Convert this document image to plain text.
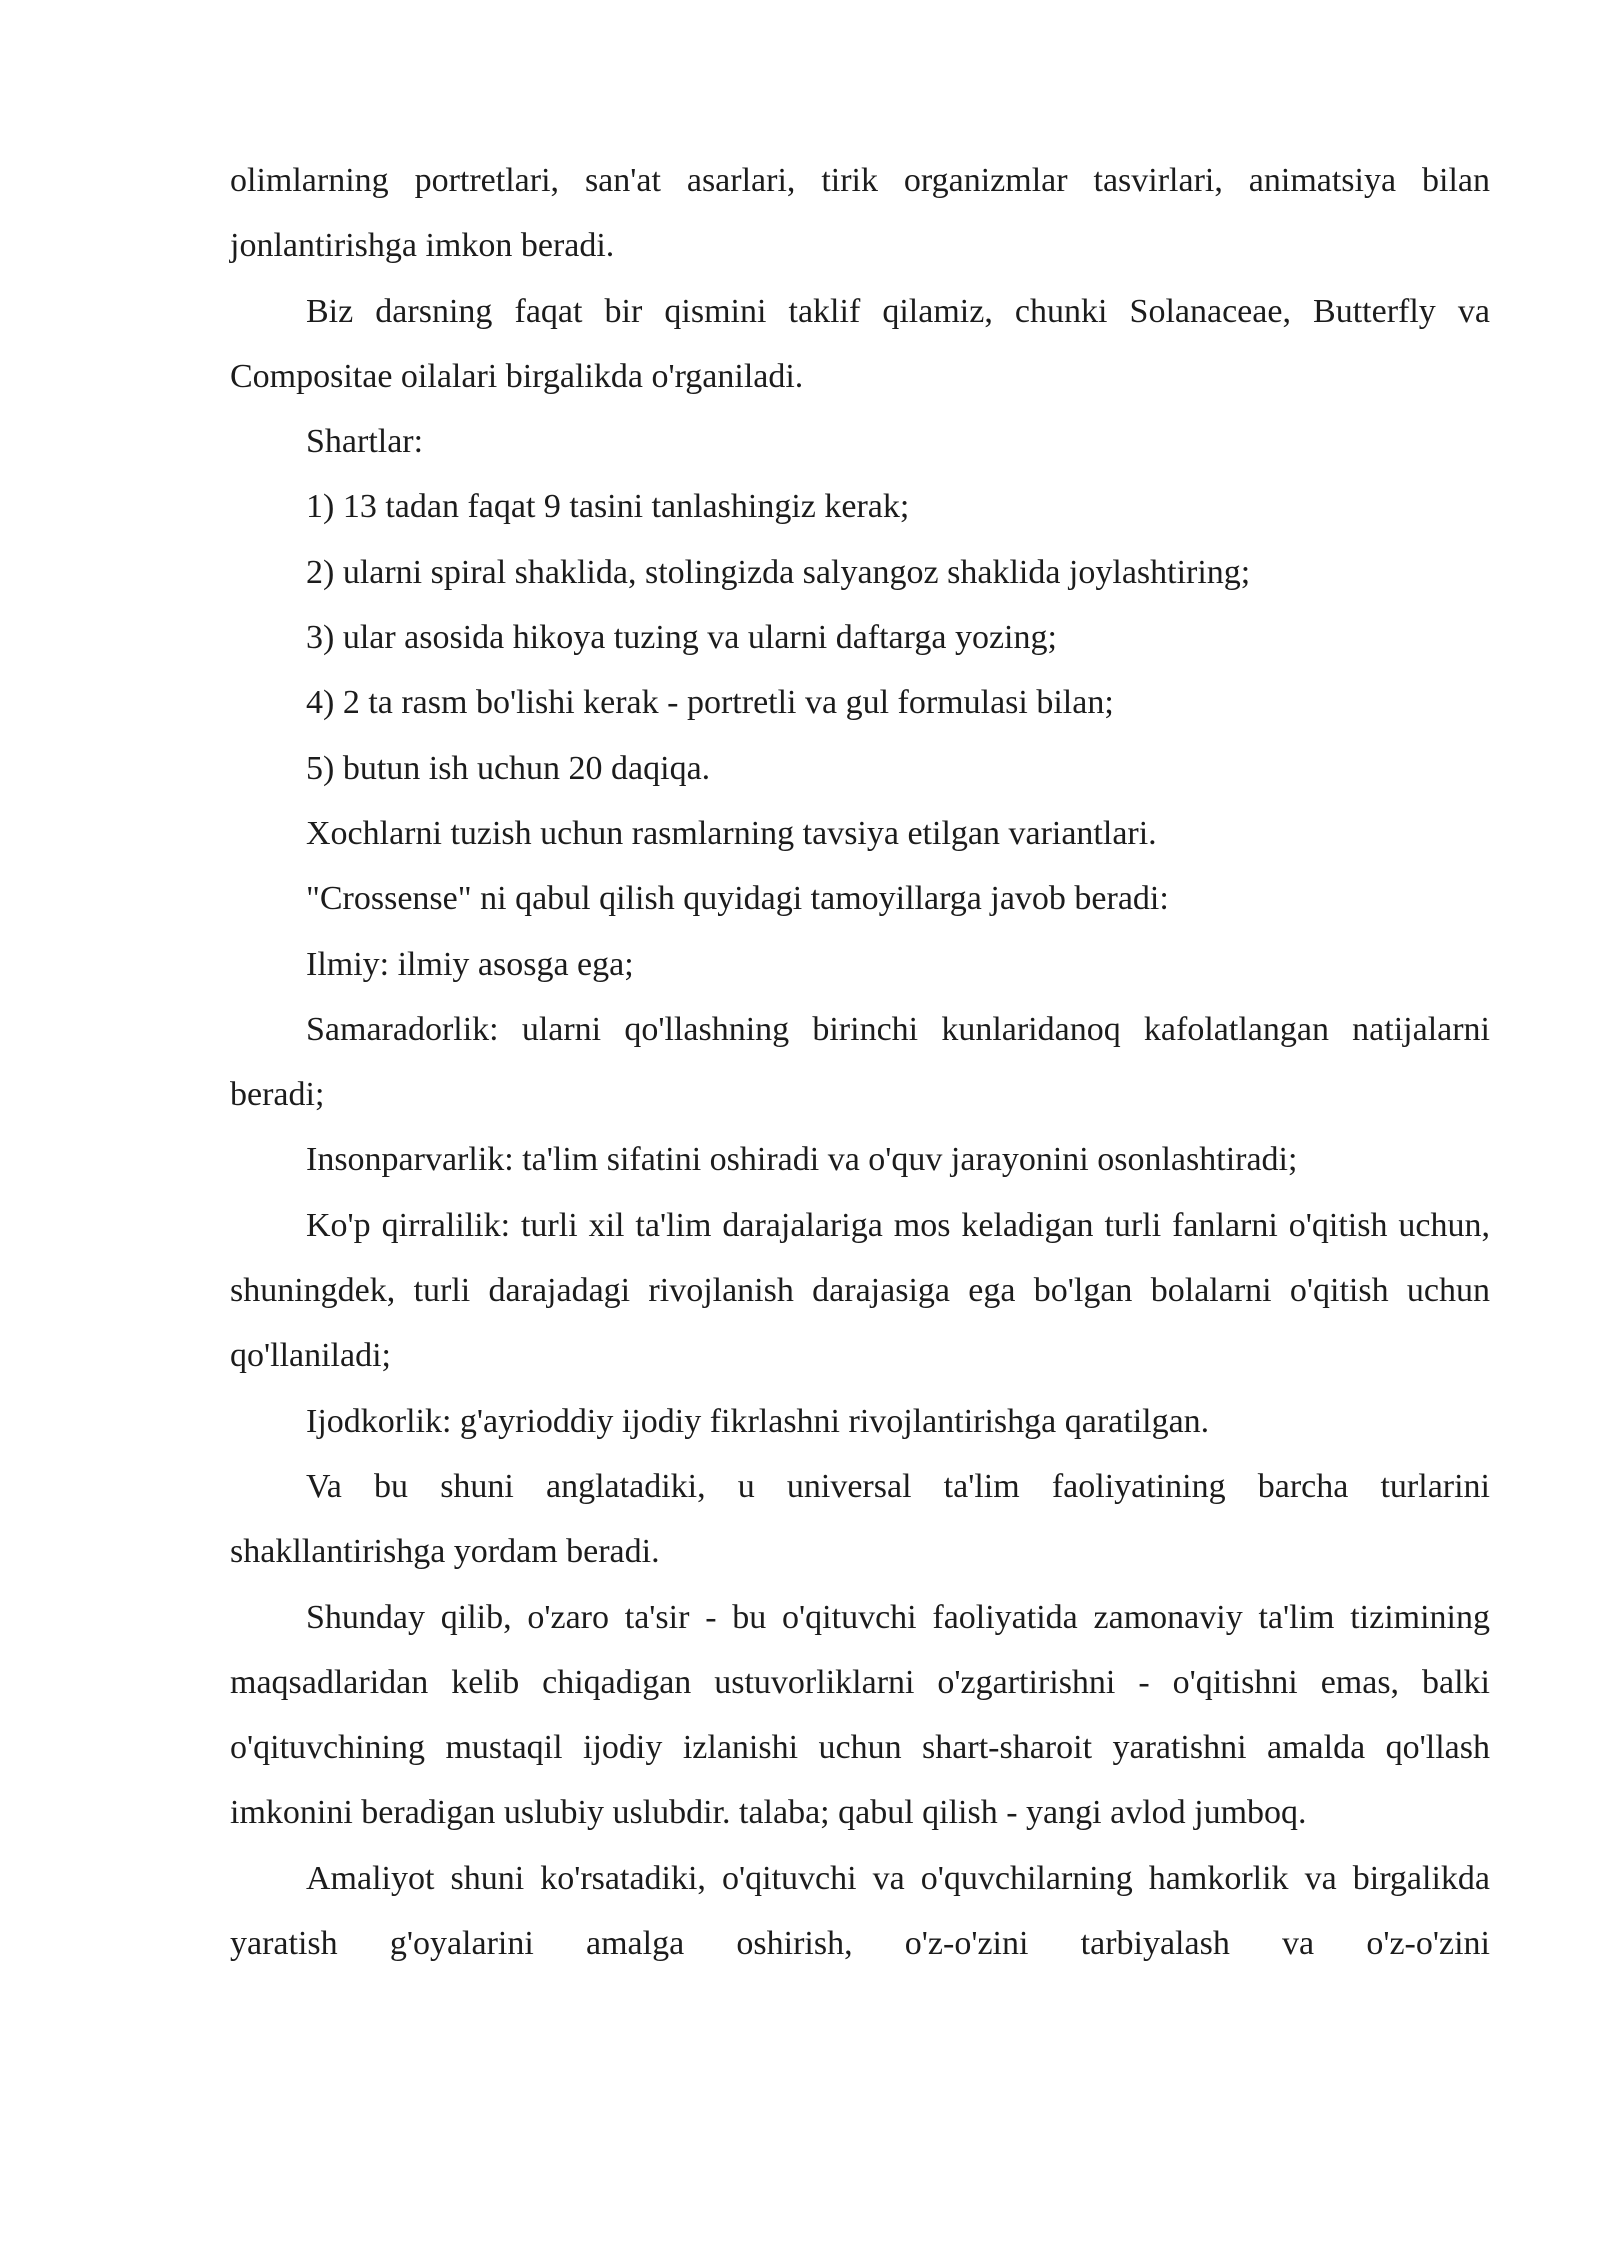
olimlarning portretlari, san'at asarlari, tirik organizmlar tasvirlari, animatsiya bilan jonlantirishga imkon beradi.

Biz darsning faqat bir qismini taklif qilamiz, chunki Solanaceae, Butterfly va Compositae oilalari birgalikda o'rganiladi.

Shartlar:

1) 13 tadan faqat 9 tasini tanlashingiz kerak;

2) ularni spiral shaklida, stolingizda salyangoz shaklida joylashtiring;

3) ular asosida hikoya tuzing va ularni daftarga yozing;

4) 2 ta rasm bo'lishi kerak - portretli va gul formulasi bilan;

5) butun ish uchun 20 daqiqa.

Xochlarni tuzish uchun rasmlarning tavsiya etilgan variantlari.

"Crossense" ni qabul qilish quyidagi tamoyillarga javob beradi:

Ilmiy: ilmiy asosga ega;

Samaradorlik: ularni qo'llashning birinchi kunlaridanoq kafolatlangan natijalarni beradi;

Insonparvarlik: ta'lim sifatini oshiradi va o'quv jarayonini osonlashtiradi;

Ko'p qirralilik: turli xil ta'lim darajalariga mos keladigan turli fanlarni o'qitish uchun, shuningdek, turli darajadagi rivojlanish darajasiga ega bo'lgan bolalarni o'qitish uchun qo'llaniladi;

Ijodkorlik: g'ayrioddiy ijodiy fikrlashni rivojlantirishga qaratilgan.

Va bu shuni anglatadiki, u universal ta'lim faoliyatining barcha turlarini shakllantirishga yordam beradi.

Shunday qilib, o'zaro ta'sir - bu o'qituvchi faoliyatida zamonaviy ta'lim tizimining maqsadlaridan kelib chiqadigan ustuvorliklarni o'zgartirishni - o'qitishni emas, balki o'qituvchining mustaqil ijodiy izlanishi uchun shart-sharoit yaratishni amalda qo'llash imkonini beradigan uslubiy uslubdir. talaba; qabul qilish - yangi avlod jumboq.

Amaliyot shuni ko'rsatadiki, o'qituvchi va o'quvchilarning hamkorlik va birgalikda yaratish g'oyalarini amalga oshirish, o'z-o'zini tarbiyalash va o'z-o'zini
